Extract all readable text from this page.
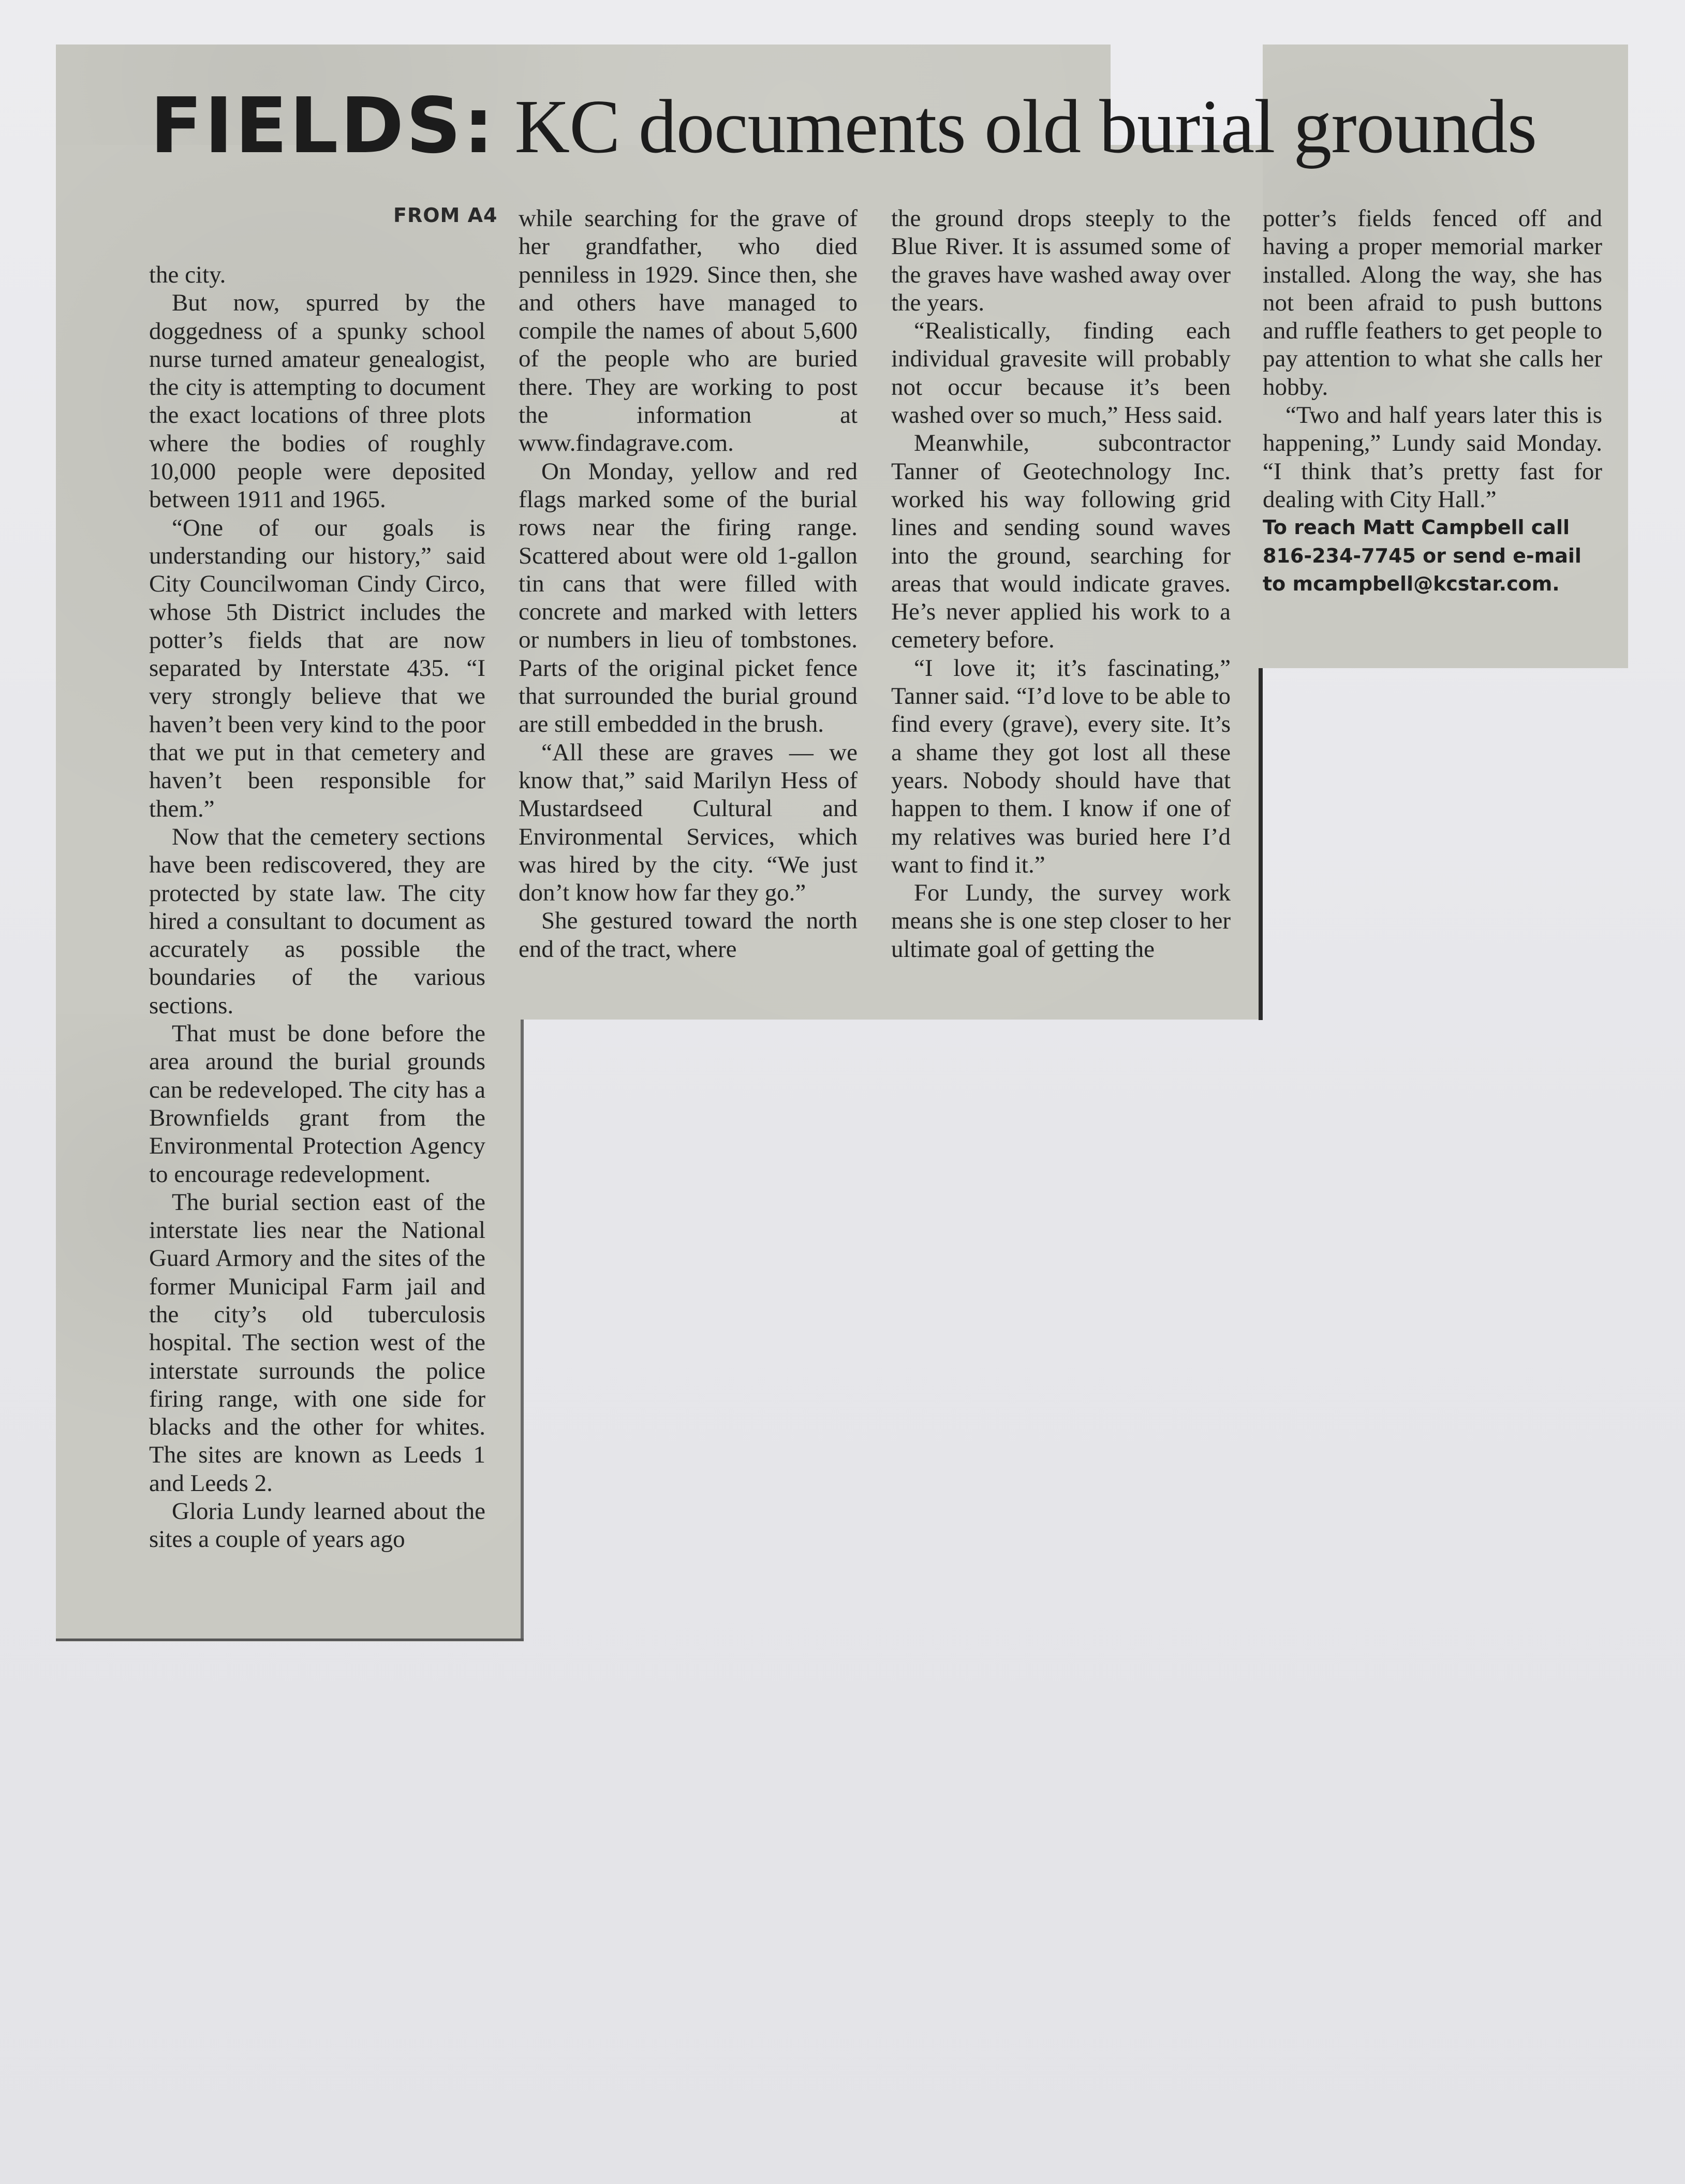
FIELDS: KC documents old burial grounds
FROM A4

the city.

But now, spurred by the doggedness of a spunky school nurse turned amateur genealogist, the city is attempting to document the exact locations of three plots where the bodies of roughly 10,000 people were deposited between 1911 and 1965.

“One of our goals is understanding our history,” said City Councilwoman Cindy Circo, whose 5th District includes the potter’s fields that are now separated by Interstate 435. “I very strongly believe that we haven’t been very kind to the poor that we put in that cemetery and haven’t been responsible for them.”

Now that the cemetery sections have been rediscovered, they are protected by state law. The city hired a consultant to document as accurately as possible the boundaries of the various sections.

That must be done before the area around the burial grounds can be redeveloped. The city has a Brownfields grant from the Environmental Protection Agency to encourage redevelopment.

The burial section east of the interstate lies near the National Guard Armory and the sites of the former Municipal Farm jail and the city’s old tuberculosis hospital. The section west of the interstate surrounds the police firing range, with one side for blacks and the other for whites. The sites are known as Leeds 1 and Leeds 2.

Gloria Lundy learned about the sites a couple of years ago

while searching for the grave of her grandfather, who died penniless in 1929. Since then, she and others have managed to compile the names of about 5,600 of the people who are buried there. They are working to post the information at www.findagrave.com.

On Monday, yellow and red flags marked some of the burial rows near the firing range. Scattered about were old 1-gallon tin cans that were filled with concrete and marked with letters or numbers in lieu of tombstones. Parts of the original picket fence that surrounded the burial ground are still embedded in the brush.

“All these are graves — we know that,” said Marilyn Hess of Mustardseed Cultural and Environmental Services, which was hired by the city. “We just don’t know how far they go.”

She gestured toward the north end of the tract, where

the ground drops steeply to the Blue River. It is assumed some of the graves have washed away over the years.

“Realistically, finding each individual gravesite will probably not occur because it’s been washed over so much,” Hess said.

Meanwhile, subcontractor Tanner of Geotechnology Inc. worked his way following grid lines and sending sound waves into the ground, searching for areas that would indicate graves. He’s never applied his work to a cemetery before.

“I love it; it’s fascinating,” Tanner said. “I’d love to be able to find every (grave), every site. It’s a shame they got lost all these years. Nobody should have that happen to them. I know if one of my relatives was buried here I’d want to find it.”

For Lundy, the survey work means she is one step closer to her ultimate goal of getting the

potter’s fields fenced off and having a proper memorial marker installed. Along the way, she has not been afraid to push buttons and ruffle feathers to get people to pay attention to what she calls her hobby.

“Two and half years later this is happening,” Lundy said Monday. “I think that’s pretty fast for dealing with City Hall.”

To reach Matt Campbell call 816-234-7745 or send e-mail to mcampbell@kcstar.com.
